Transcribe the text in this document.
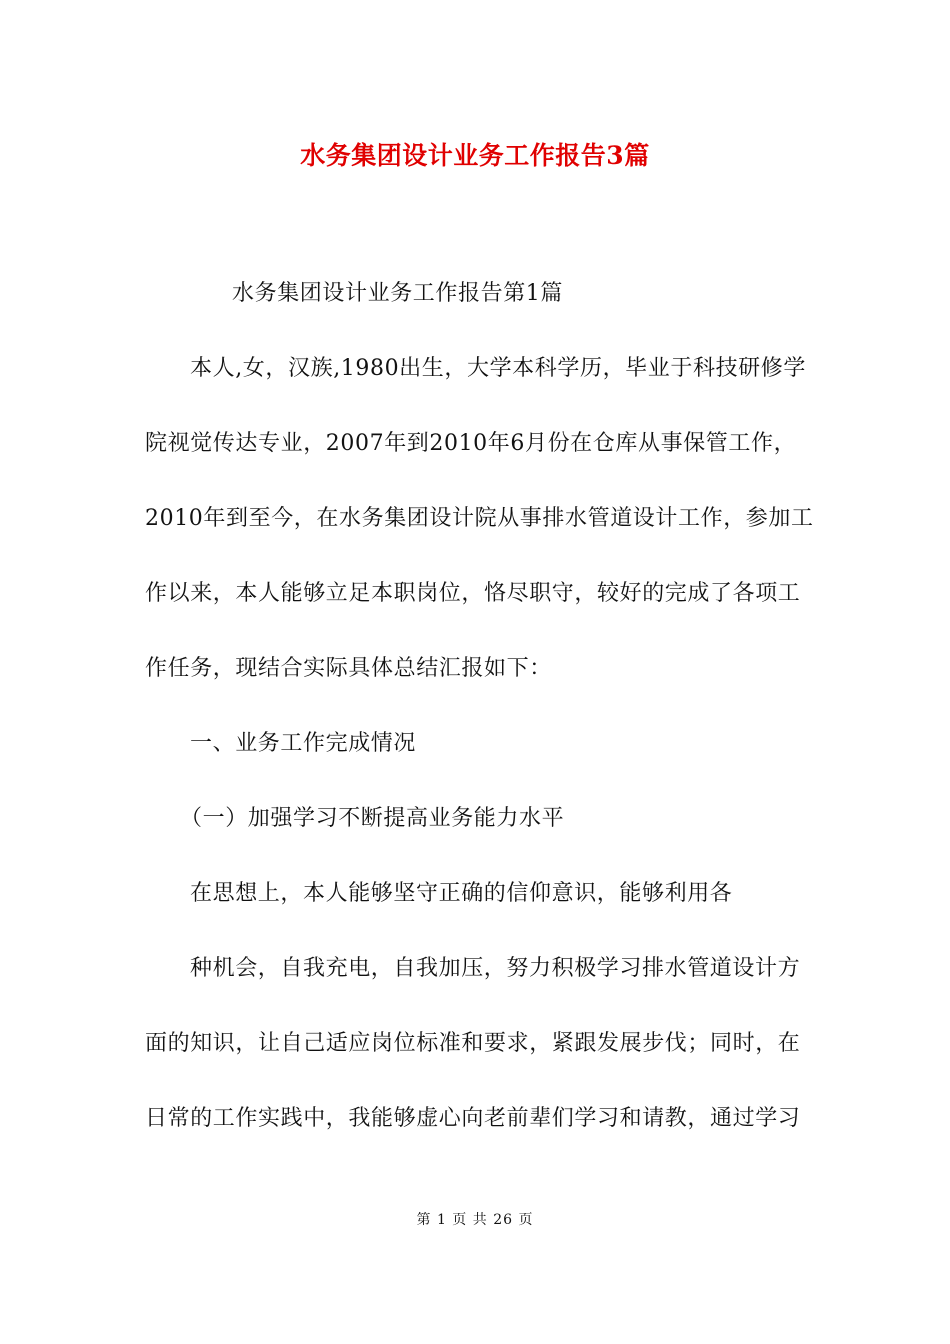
水务集团设计业务工作报告3篇
水务集团设计业务工作报告第1篇
本人,女，汉族,1980出生，大学本科学历，毕业于科技研修学
院视觉传达专业，2007年到2010年6月份在仓库从事保管工作，
2010年到至今，在水务集团设计院从事排水管道设计工作，参加工
作以来，本人能够立足本职岗位，恪尽职守，较好的完成了各项工
作任务，现结合实际具体总结汇报如下：
一、业务工作完成情况
（一）加强学习不断提高业务能力水平
在思想上，本人能够坚守正确的信仰意识，能够利用各
种机会，自我充电，自我加压，努力积极学习排水管道设计方
面的知识，让自己适应岗位标准和要求，紧跟发展步伐；同时，在
日常的工作实践中，我能够虚心向老前辈们学习和请教，通过学习
第 1 页 共 26 页
